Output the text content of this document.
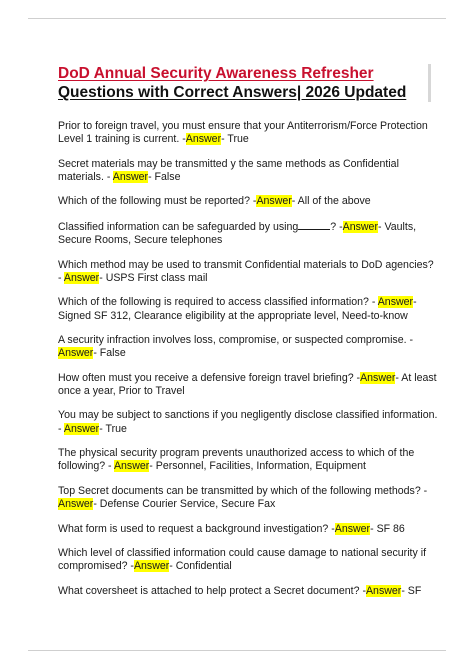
DoD Annual Security Awareness Refresher
Questions with Correct Answers| 2026 Updated

Prior to foreign travel, you must ensure that your Antiterrorism/Force Protection Level 1 training is current. -Answer- True

Secret materials may be transmitted y the same methods as Confidential materials. - Answer- False

Which of the following must be reported? -Answer- All of the above

Classified information can be safeguarded by using	? -Answer- Vaults, Secure Rooms, Secure telephones

Which method may be used to transmit Confidential materials to DoD agencies? - Answer- USPS First class mail

Which of the following is required to access classified information? - Answer- Signed SF 312, Clearance eligibility at the appropriate level, Need-to-know

A security infraction involves loss, compromise, or suspected compromise. -Answer- False

How often must you receive a defensive foreign travel briefing? -Answer- At least once a year, Prior to Travel

You may be subject to sanctions if you negligently disclose classified information. - Answer- True

The physical security program prevents unauthorized access to which of the following? - Answer- Personnel, Facilities, Information, Equipment

Top Secret documents can be transmitted by which of the following methods? -Answer- Defense Courier Service, Secure Fax

What form is used to request a background investigation? -Answer- SF 86

Which level of classified information could cause damage to national security if compromised? -Answer- Confidential

What coversheet is attached to help protect a Secret document? -Answer- SF
